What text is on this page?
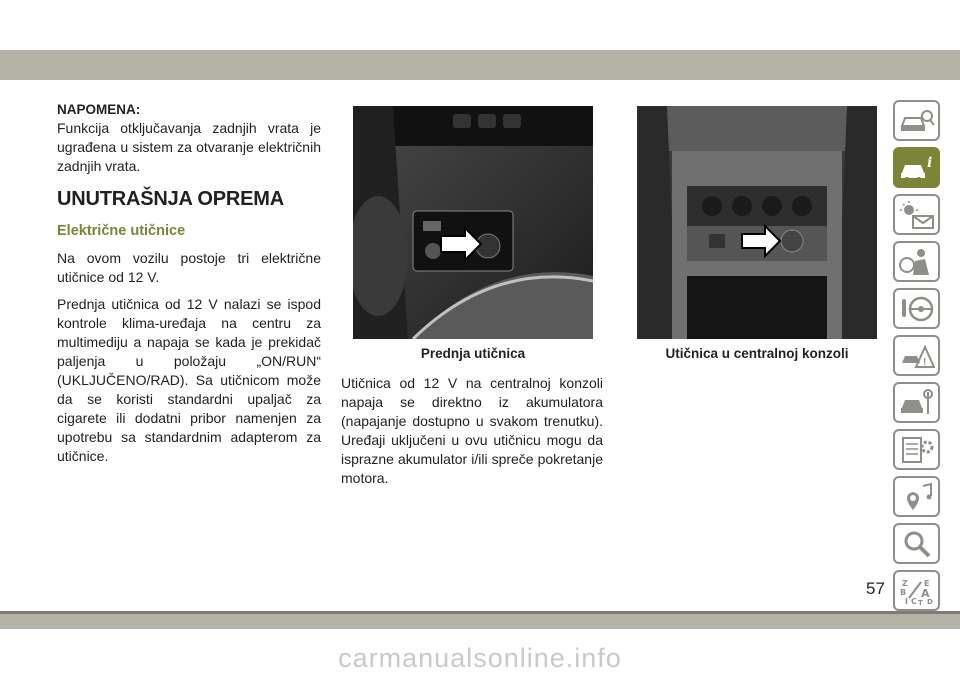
NAPOMENA:
Funkcija otključavanja zadnjih vrata je ugrađena u sistem za otvaranje električnih zadnjih vrata.
UNUTRAŠNJA OPREMA
Električne utičnice
Na ovom vozilu postoje tri električne utičnice od 12 V.
Prednja utičnica od 12 V nalazi se ispod kontrole klima-uređaja na centru za multimediju a napaja se kada je prekidač paljenja u položaju „ON/RUN“ (UKLJUČENO/RAD). Sa utičnicom može da se koristi standardni upaljač za cigarete ili dodatni pribor namenjen za upotrebu sa standardnim adapterom za utičnice.
Prednja utičnica	Utičnica u centralnoj konzoli
Utičnica od 12 V na centralnoj konzoli napaja se direktno iz akumulatora (napajanje dostupno u svakom trenutku). Uređaji uključeni u ovu utičnicu mogu da isprazne akumulator i/ili spreče pokretanje motora.
i
!
Z E
B A
I C T D
57
carmanualsonline.info
